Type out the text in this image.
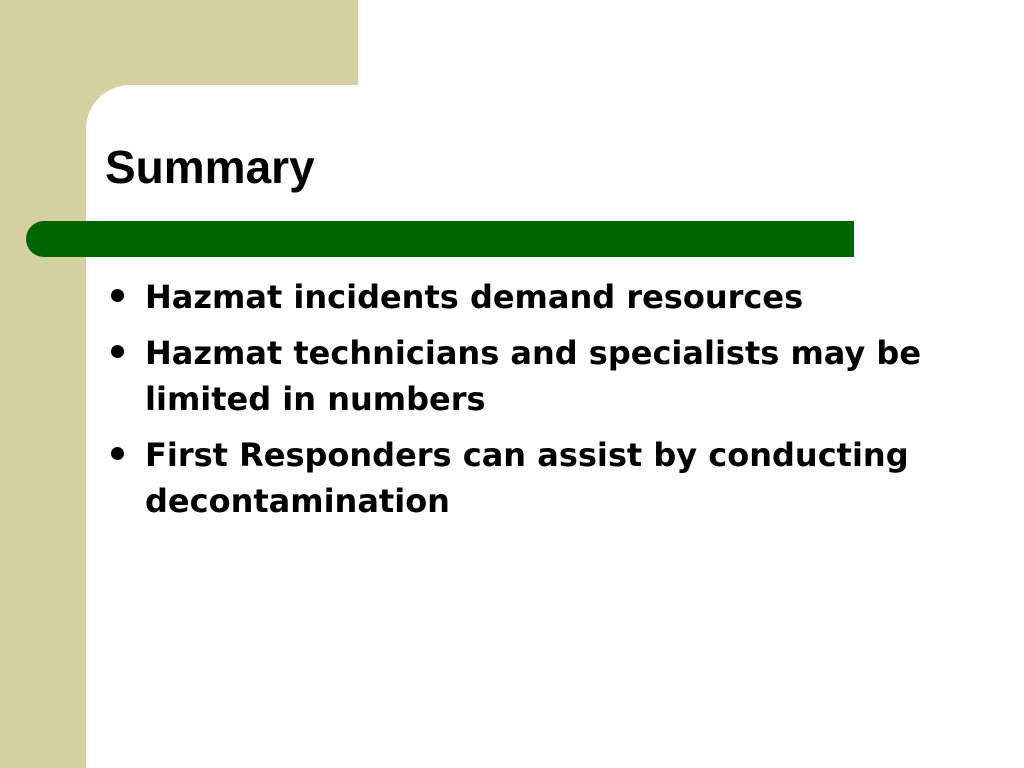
Summary
Hazmat incidents demand resources
Hazmat technicians and specialists may be limited in numbers
First Responders can assist by conducting decontamination
